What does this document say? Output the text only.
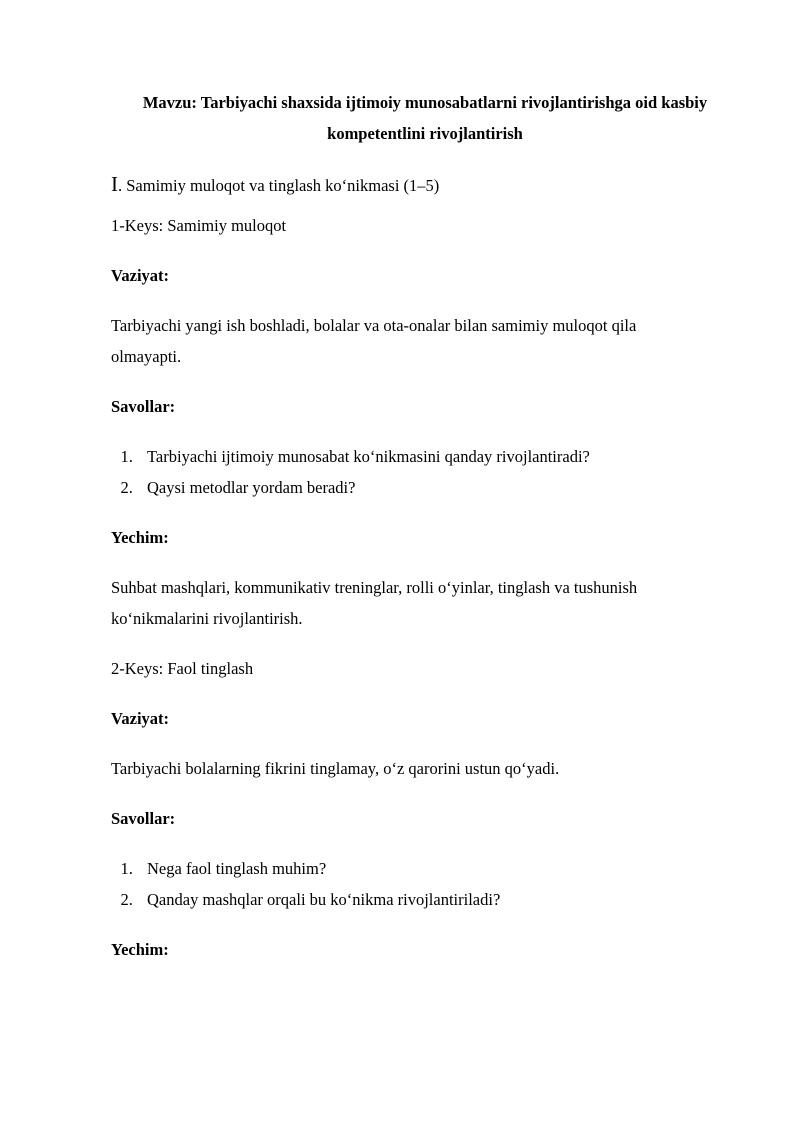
Mavzu: Tarbiyachi shaxsida ijtimoiy munosabatlarni rivojlantirishga oid kasbiy
kompetentlini rivojlantirish

I. Samimiy muloqot va tinglash ko‘nikmasi (1–5)

1-Keys: Samimiy muloqot

Vaziyat:

Tarbiyachi yangi ish boshladi, bolalar va ota-onalar bilan samimiy muloqot qila
olmayapti.

Savollar:

1. Tarbiyachi ijtimoiy munosabat ko‘nikmasini qanday rivojlantiradi?
2. Qaysi metodlar yordam beradi?

Yechim:

Suhbat mashqlari, kommunikativ treninglar, rolli o‘yinlar, tinglash va tushunish
ko‘nikmalarini rivojlantirish.

2-Keys: Faol tinglash

Vaziyat:

Tarbiyachi bolalarning fikrini tinglamay, o‘z qarorini ustun qo‘yadi.

Savollar:

1. Nega faol tinglash muhim?
2. Qanday mashqlar orqali bu ko‘nikma rivojlantiriladi?

Yechim:
